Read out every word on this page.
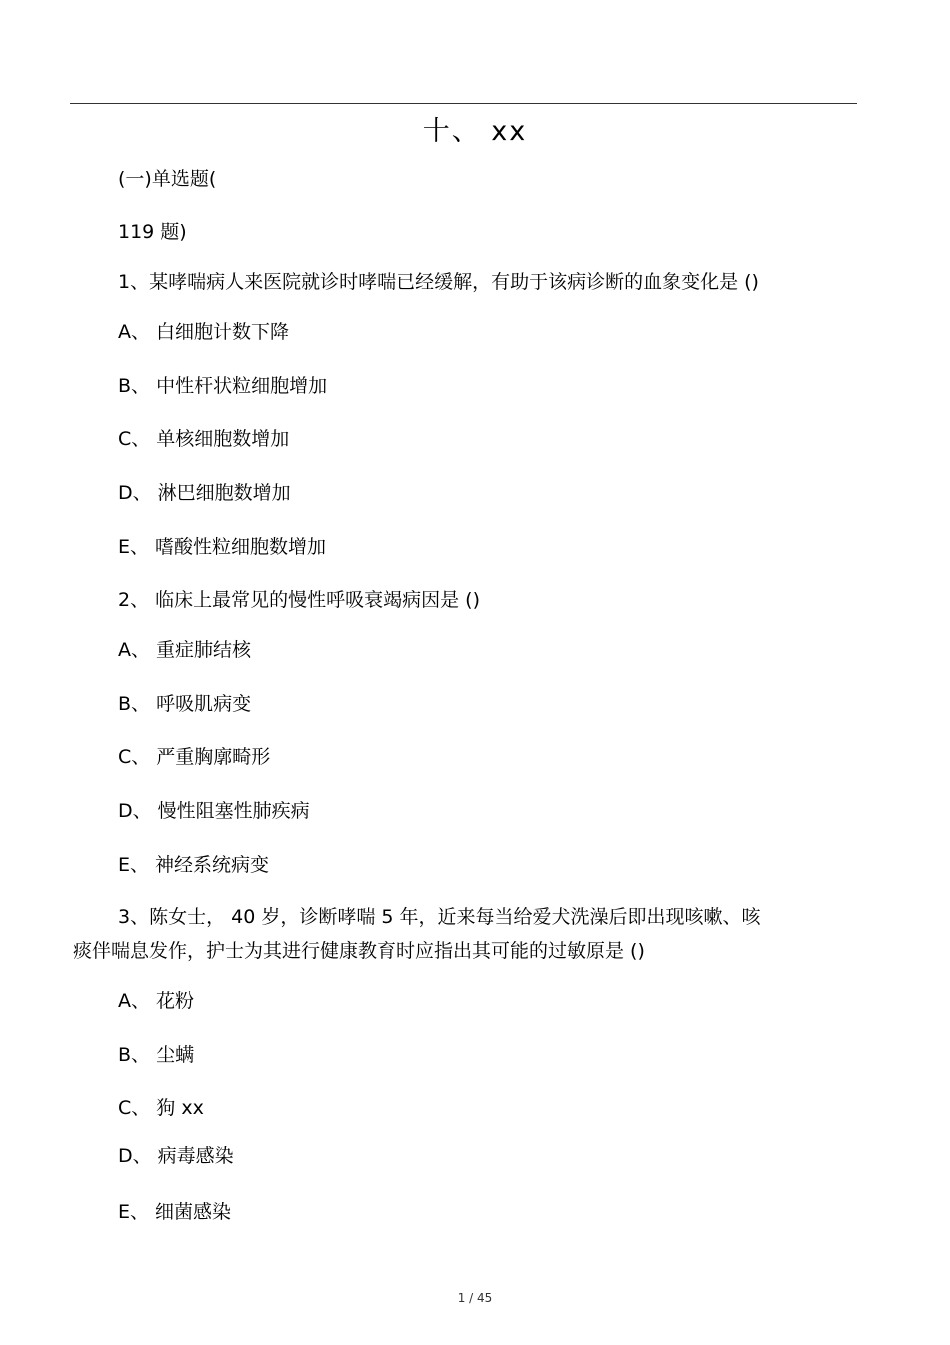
十、 xx
(一)单选题(
119 题)
1、某哮喘病人来医院就诊时哮喘已经缓解，有助于该病诊断的血象变化是 ()
A、 白细胞计数下降
B、 中性杆状粒细胞增加
C、 单核细胞数增加
D、 淋巴细胞数增加
E、 嗜酸性粒细胞数增加
2、 临床上最常见的慢性呼吸衰竭病因是 ()
A、 重症肺结核
B、 呼吸肌病变
C、 严重胸廓畸形
D、 慢性阻塞性肺疾病
E、 神经系统病变
3、陈女士， 40 岁，诊断哮喘 5 年，近来每当给爱犬洗澡后即出现咳嗽、咳
痰伴喘息发作，护士为其进行健康教育时应指出其可能的过敏原是 ()
A、 花粉
B、 尘螨
C、 狗 xx
D、 病毒感染
E、 细菌感染
1 / 45
